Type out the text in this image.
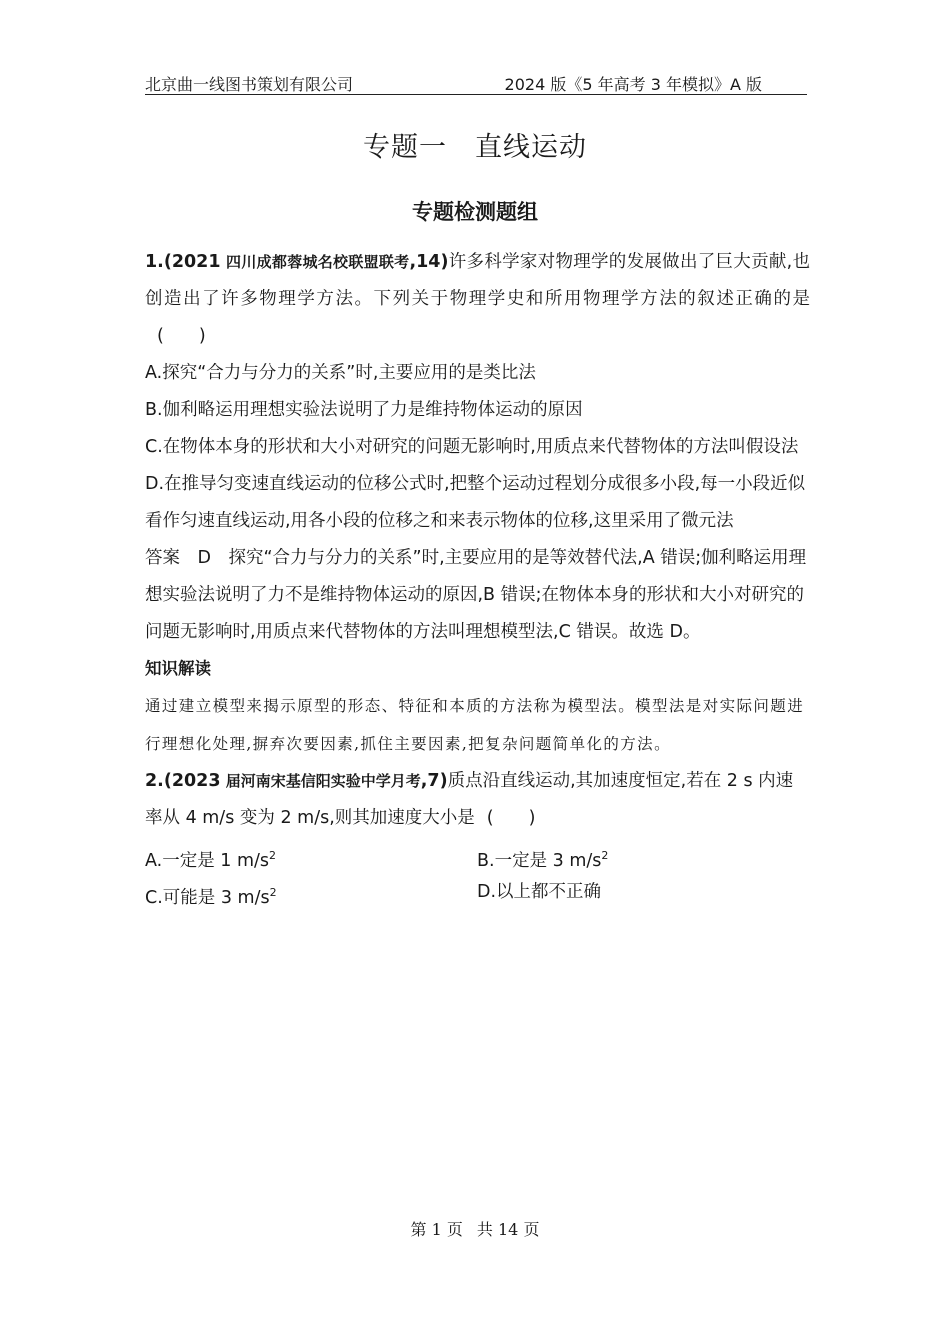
北京曲一线图书策划有限公司	2024 版《5 年高考 3 年模拟》A 版
专题一　直线运动
专题检测题组

1.(2021 四川成都蓉城名校联盟联考,14)许多科学家对物理学的发展做出了巨大贡献,也创造出了许多物理学方法。下列关于物理学史和所用物理学方法的叙述正确的是(　　)

A.探究“合力与分力的关系”时,主要应用的是类比法

B.伽利略运用理想实验法说明了力是维持物体运动的原因

C.在物体本身的形状和大小对研究的问题无影响时,用质点来代替物体的方法叫假设法

D.在推导匀变速直线运动的位移公式时,把整个运动过程划分成很多小段,每一小段近似看作匀速直线运动,用各小段的位移之和来表示物体的位移,这里采用了微元法

答案　D　探究“合力与分力的关系”时,主要应用的是等效替代法,A 错误;伽利略运用理想实验法说明了力不是维持物体运动的原因,B 错误;在物体本身的形状和大小对研究的问题无影响时,用质点来代替物体的方法叫理想模型法,C 错误。故选 D。

知识解读

通过建立模型来揭示原型的形态、特征和本质的方法称为模型法。模型法是对实际问题进行理想化处理,摒弃次要因素,抓住主要因素,把复杂问题简单化的方法。

2.(2023 届河南宋基信阳实验中学月考,7)质点沿直线运动,其加速度恒定,若在 2 s 内速率从 4 m/s 变为 2 m/s,则其加速度大小是 (　　)

A.一定是 1 $m/s^2$	B.一定是 3 $m/s^2$
C.可能是 3 $m/s^2$	D.以上都不正确
第 1 页 共 14 页
